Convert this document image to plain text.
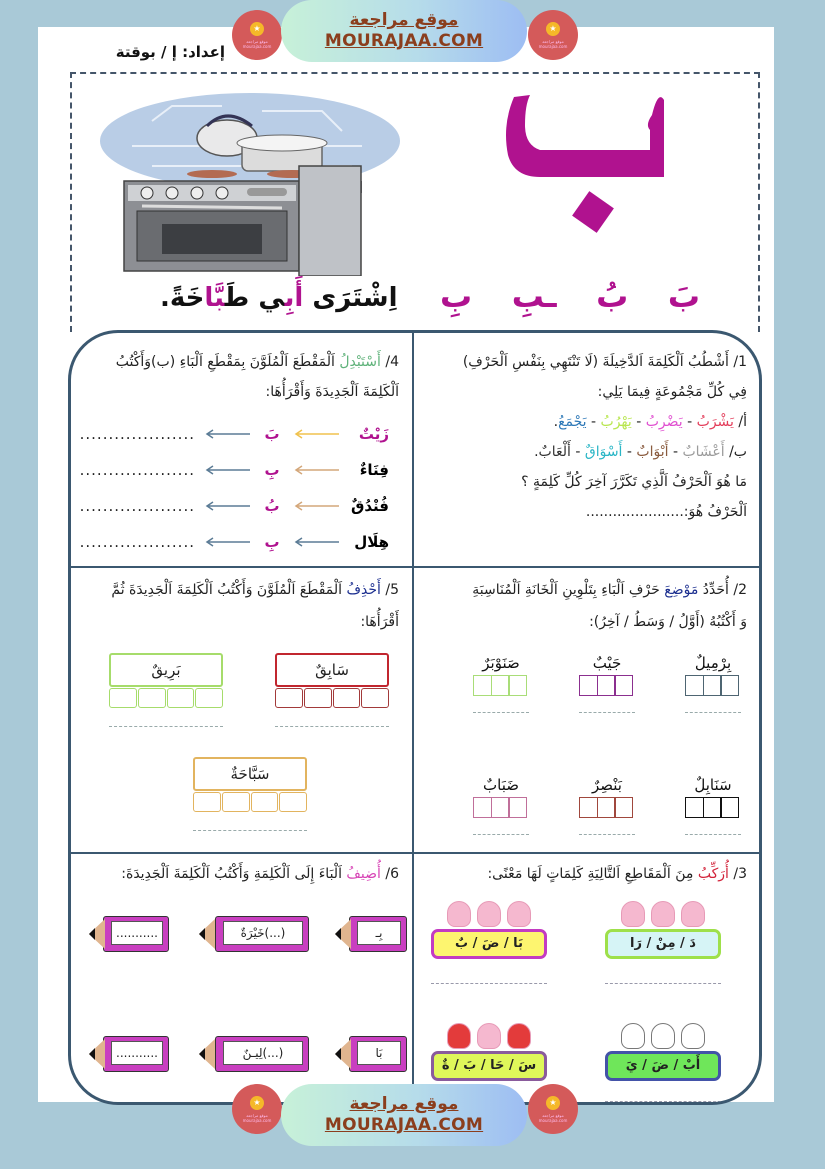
★
موقع مراجعة
mourajaa.com
موقع مراجعة
MOURAJAA.COM
★
موقع مراجعة
mourajaa.com
إعداد: إ / بوقتة
بَ
بُ
ـبِ
بِ
اِشْتَرَى أَبِي طَبَّاخَةً.
1/ أَشْطُبُ اَلْكَلِمَةَ اَلدَّخِيلَةَ (لَا تَنْتَهِي بِنَفْسِ اَلْحَرْفِ)
فِي كُلِّ مَجْمُوعَةٍ فِيمَا يَلِي:
أ/ يَشْرَبُ - يَضْرِبُ - يَهْرُبُ - يَجْمَعُ.
ب/ أَعْشَابٌ - أَبْوَابٌ - أَسْوَاقٌ - أَلْعَابٌ.
مَا هُوَ اَلْحَرْفُ اَلَّذِي تَكَرَّرَ آخِرَ كُلِّ كَلِمَةٍ ؟
اَلْحَرْفُ هُوَ:......................
4/ أَسْتَبْدِلُ اَلْمَقْطَعَ اَلْمُلَوَّنَ بِمَقْطَعِ اَلْبَاءِ (ب)وَأَكْتُبُ
اَلْكَلِمَةَ اَلْجَدِيدَةَ وَأَقْرَأُهَا:
زَيْتٌ
بَ
....................
فِنَاءٌ
بِ
....................
فُنْدُقٌ
بُ
....................
هِلَال
بِ
....................
2/ أُحَدِّدُ مَوْضِعَ حَرْفِ اَلْبَاءِ بِتَلْوِينِ اَلْخَانَةِ اَلْمُنَاسِبَةِ
وَ أَكْتُبُهُ (أَوَّلُ / وَسَطُ / آخِرُ):
بِرْمِيلٌ
جَيْبٌ
صَنَوْبَرٌ
سَنَابِلٌ
بَنْصِرٌ
ضَبَابٌ
5/ أَحْذِفُ اَلْمَقْطَعَ اَلْمُلَوَّنَ وَأَكْتُبُ اَلْكَلِمَةَ اَلْجَدِيدَةَ ثُمَّ
أَقْرَأُهَا:
سَابِقٌ
بَرِيقٌ
سَبَّاحَةٌ
3/ أُرَكِّبُ مِنَ اَلْمَقَاطِعِ اَلتَّالِيَةِ كَلِمَاتٍ لَهَا مَعْنًى:
دَ / مِنْ / رَا
بَا / ضَ / بٌ
أَبْ / ضَ / يَ
سَ / حَا / بَ / ةٌ
6/ أُضِيفُ اَلْبَاءَ إِلَى اَلْكَلِمَةِ وَأَكْتُبُ اَلْكَلِمَةَ اَلْجَدِيدَةَ:
بِـ
(...)خَيْرَةٌ
...........
بَا
(...)لِيـنٌ
...........
★
موقع مراجعة
mourajaa.com
موقع مراجعة
MOURAJAA.COM
★
موقع مراجعة
mourajaa.com
